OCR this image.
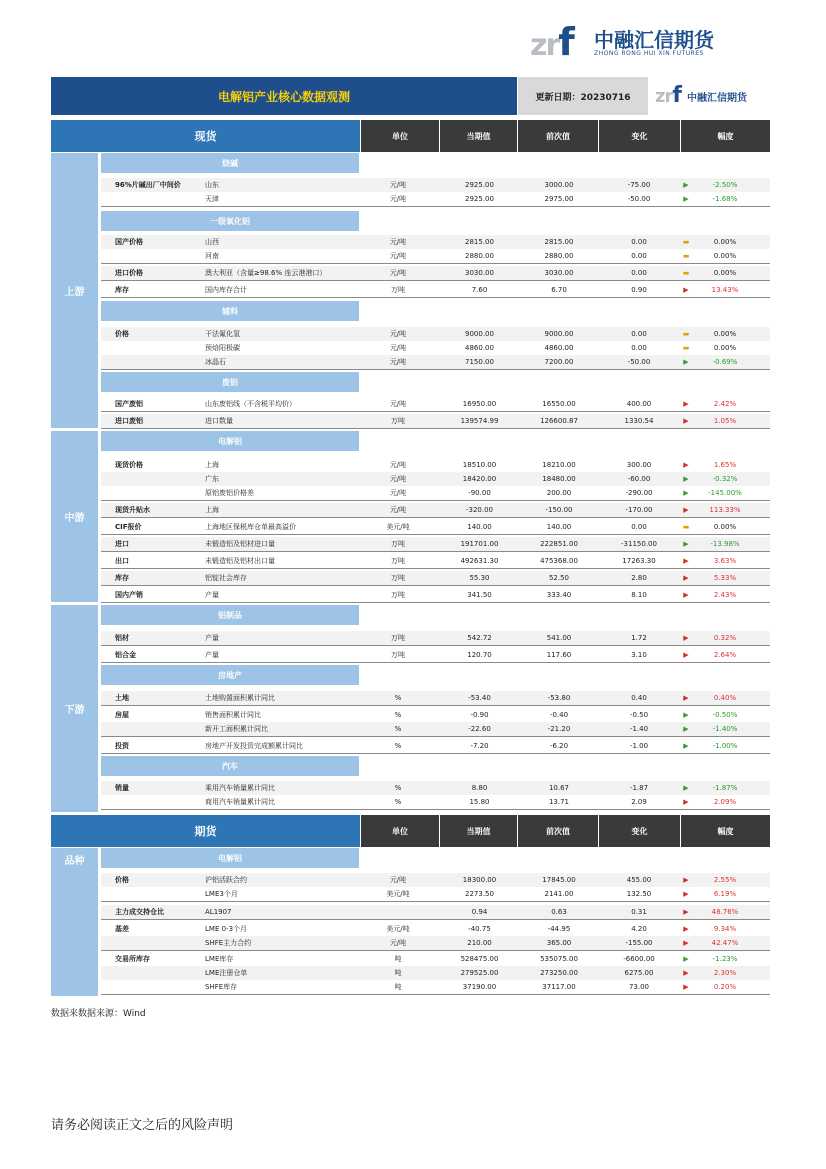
zrf 中融汇信期货
ZHONG RONG HUI XIN FUTURES
电解铝产业核心数据观测	更新日期：20230716	zrf 中融汇信期货
现货	单位	当期值	前次值	变化	幅度
上游
中游
下游
烧碱
一级氧化铝
辅料
废铝
电解铝
铝制品
房地产
汽车
96%片碱出厂中间价	山东	元/吨	2925.00	3000.00	-75.00	▶	-2.50%
天津	元/吨	2925.00	2975.00	-50.00	▶	-1.68%
国产价格	山西	元/吨	2815.00	2815.00	0.00	▬	0.00%
河南	元/吨	2880.00	2880.00	0.00	▬	0.00%
进口价格	澳大利亚（含量≥98.6% 连云港港口）	元/吨	3030.00	3030.00	0.00	▬	0.00%
库存	国内库存合计	万吨	7.60	6.70	0.90	▶	13.43%
价格	干法氟化氢	元/吨	9000.00	9000.00	0.00	▬	0.00%
预焙阳极碳	元/吨	4860.00	4860.00	0.00	▬	0.00%
冰晶石	元/吨	7150.00	7200.00	-50.00	▶	-0.69%
国产废铝	山东废铝线（不含税平均价）	元/吨	16950.00	16550.00	400.00	▶	2.42%
进口废铝	进口数量	万吨	139574.99	126600.87	1330.54	▶	1.05%
现货价格	上海	元/吨	18510.00	18210.00	300.00	▶	1.65%
广东	元/吨	18420.00	18480.00	-60.00	▶	-0.32%
原铝废铝价格差	元/吨	-90.00	200.00	-290.00	▶	-145.00%
现货升贴水	上海	元/吨	-320.00	-150.00	-170.00	▶	113.33%
CIF报价	上海地区保税库仓单最高溢价	美元/吨	140.00	140.00	0.00	▬	0.00%
进口	未锻造铝及铝材进口量	万吨	191701.00	222851.00	-31150.00	▶	-13.98%
出口	未锻造铝及铝材出口量	万吨	492631.30	475368.00	17263.30	▶	3.63%
库存	铝锭社会库存	万吨	55.30	52.50	2.80	▶	5.33%
国内产销	产量	万吨	341.50	333.40	8.10	▶	2.43%
铝材	产量	万吨	542.72	541.00	1.72	▶	0.32%
铝合金	产量	万吨	120.70	117.60	3.10	▶	2.64%
土地	土地购置面积累计同比	%	-53.40	-53.80	0.40	▶	0.40%
房屋	销售面积累计同比	%	-0.90	-0.40	-0.50	▶	-0.50%
新开工面积累计同比	%	-22.60	-21.20	-1.40	▶	-1.40%
投资	房地产开发投资完成额累计同比	%	-7.20	-6.20	-1.00	▶	-1.00%
销量	乘用汽车销量累计同比	%	8.80	10.67	-1.87	▶	-1.87%
商用汽车销量累计同比	%	15.80	13.71	2.09	▶	2.09%
期货	单位	当期值	前次值	变化	幅度
品种	电解铝
价格	沪铝活跃合约	元/吨	18300.00	17845.00	455.00	▶	2.55%
LME3个月	美元/吨	2273.50	2141.00	132.50	▶	6.19%
主力成交持仓比	AL1907	0.94	0.63	0.31	▶	48.76%
基差	LME 0-3个月	美元/吨	-40.75	-44.95	4.20	▶	9.34%
SHFE主力合约	元/吨	210.00	365.00	-155.00	▶	42.47%
交易所库存	LME库存	吨	528475.00	535075.00	-6600.00	▶	-1.23%
LME注册仓单	吨	279525.00	273250.00	6275.00	▶	2.30%
SHFE库存	吨	37190.00	37117.00	73.00	▶	0.20%
数据来数据来源：Wind
请务必阅读正文之后的风险声明
